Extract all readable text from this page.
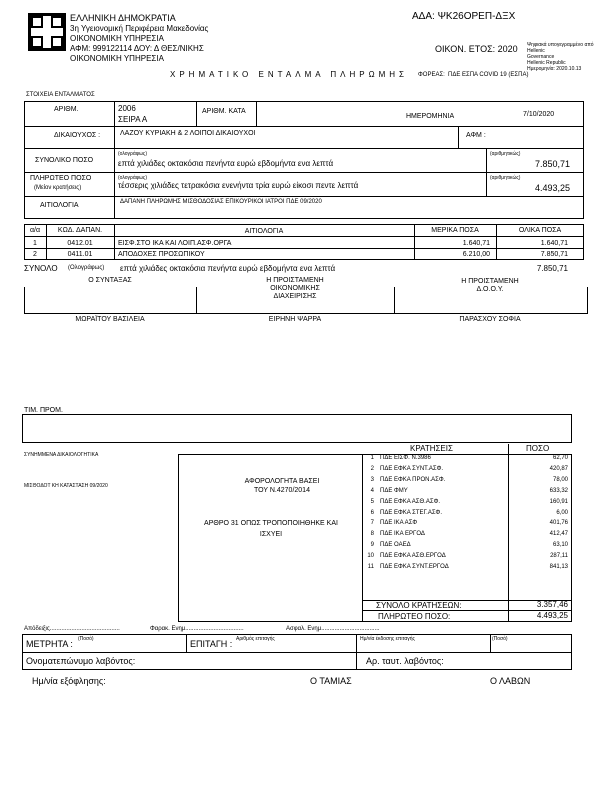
ΕΛΛΗΝΙΚΗ ΔΗΜΟΚΡΑΤΙΑ
3η Υγειονομική Περιφέρεια Μακεδονίας
ΟΙΚΟΝΟΜΙΚΗ ΥΠΗΡΕΣΙΑ
ΑΦΜ: 999122114 ΔΟΥ: Δ ΘΕΣ/ΝΙΚΗΣ
ΟΙΚΟΝΟΜΙΚΗ ΥΠΗΡΕΣΙΑ
ΑΔΑ: ΨΚ26ΟΡΕΠ-ΔΞΧ
ΟΙΚΟΝ. ΕΤΟΣ: 2020 Ψηφιακά υπογεγραμμένο από
Hellenic
Governance
Hellenic Republic
Ημερομηνία: 2020.10.13
ΧΡΗΜΑΤΙΚΟ ΕΝΤΑΛΜΑ ΠΛΗΡΩΜΗΣ ΦΟΡΕΑΣ: ΠΔΕ ΕΣΠΑ COVID 19 (ΕΣΠΑ)
ΣΤΟΙΧΕΙΑ ΕΝΤΑΛΜΑΤΟΣ
ΑΡΙΘΜ.	2006
ΣΕΙΡΑ Α
ΑΡΙΘΜ. ΚΑΤΑ
ΗΜΕΡΟΜΗΝΙΑ	7/10/2020
ΔΙΚΑΙΟΥΧΟΣ :	ΛΑΖΟΥ ΚΥΡΙΑΚΗ & 2 ΛΟΙΠΟΙ ΔΙΚΑΙΟΥΧΟΙ	ΑΦΜ :
ΣΥΝΟΛΙΚΟ ΠΟΣΟ
(ολογράφως)
επτά χιλιάδες οκτακόσια πενήντα ευρώ εβδομήντα ενα λεπτά
(αριθμητικώς)
7.850,71
ΠΛΗΡΩΤΕΟ ΠΟΣΟ
(Μείον κρατήσεις)
(ολογράφως)
τέσσερις χιλιάδες τετρακόσια ενενήντα τρία ευρώ είκοσι πεντε λεπτά
(αριθμητικώς)
4.493,25
ΑΙΤΙΟΛΟΓΙΑ	ΔΑΠΑΝΗ ΠΛΗΡΩΜΗΣ ΜΙΣΘΟΔΟΣΙΑΣ ΕΠΙΚΟΥΡΙΚΟΙ ΙΑΤΡΟΙ ΠΔΕ 09/2020
α/α	ΚΩΔ. ΔΑΠΑΝ.	ΑΙΤΙΟΛΟΓΙΑ	ΜΕΡΙΚΑ ΠΟΣΑ	ΟΛΙΚΑ ΠΟΣΑ
1	0412.01	ΕΙΣΦ.ΣΤΟ ΙΚΑ ΚΑΙ ΛΟΙΠ.ΑΣΦ.ΟΡΓΑ	1.640,71	1.640,71
2	0411.01	ΑΠΟΔΟΧΕΣ ΠΡΟΣΩΠΙΚΟΥ	6.210,00	7.850,71
ΣΥΝΟΛΟ (Ολογράφως) επτά χιλιάδες οκτακόσια πενήντα ευρώ εβδομήντα ενα λεπτά	7.850,71
Ο ΣΥΝΤΑΞΑΣ	Η ΠΡΟΙΣΤΑΜΕΝΗ
ΟΙΚΟΝΟΜΙΚΗΣ
ΔΙΑΧΕΙΡΙΣΗΣ
Η ΠΡΟΙΣΤΑΜΕΝΗ
Δ.Ο.Ο.Υ.
ΜΩΡΑΪΤΟΥ ΒΑΣΙΛΕΙΑ	ΕΙΡΗΝΗ ΨΑΡΡΑ	ΠΑΡΑΣΧΟΥ ΣΟΦΙΑ
ΤΙΜ. ΠΡΟΜ.
ΣΥΝΗΜΜΕΝΑ ΔΙΚΑΙΟΛΟΓΗΤΙΚΑ
ΜΙΣΘΟΔΟΤ ΚΗ ΚΑΤΑΣΤΑΣΗ 09/2020
ΚΡΑΤΗΣΕΙΣ	ΠΟΣΟ
ΑΦΟΡΟΛΟΓΗΤΑ ΒΑΣΕΙ
ΤΟΥ Ν.4270/2014
ΑΡΘΡΟ 31 ΟΠΩΣ ΤΡΟΠΟΠΟΙΗΘΗΚΕ ΚΑΙ
ΙΣΧΥΕΙ
1 ΠΔΕ ΕΙΣΦ. Ν.3986	62,70
2 ΠΔΕ ΕΦΚΑ ΣΥΝΤ.ΑΣΦ.	420,87
3 ΠΔΕ ΕΦΚΑ ΠΡΟΝ.ΑΣΦ.	78,00
4 ΠΔΕ ΦΜΥ	633,32
5 ΠΔΕ ΕΦΚΑ ΑΣΘ.ΑΣΦ.	160,91
6 ΠΔΕ ΕΦΚΑ ΣΤΕΓ.ΑΣΦ.	6,00
7 ΠΔΕ ΙΚΑ ΑΣΦ	401,76
8 ΠΔΕ ΙΚΑ ΕΡΓΟΔ	412,47
9 ΠΔΕ ΟΑΕΔ	63,10
10 ΠΔΕ ΕΦΚΑ ΑΣΘ.ΕΡΓΟΔ	287,11
11 ΠΔΕ ΕΦΚΑ ΣΥΝΤ.ΕΡΓΟΔ	841,13
ΣΥΝΟΛΟ ΚΡΑΤΗΣΕΩΝ:	3.357,46
ΠΛΗΡΩΤΕΟ ΠΟΣΟ:	4.493,25
Απόδειξις..........................................	Φαρακ. Ενημ...................................	Ασφαλ. Ενημ...................................
ΜΕΤΡΗΤΑ : (Ποσό)	ΕΠΙΤΑΓΗ : Αριθμός επιταγής	Ημ/νία έκδοσης επιταγής	(Ποσό)
Ονοματεπώνυμο λαβόντος:	Αρ. ταυτ. λαβόντος:
Ημ/νία εξόφλησης:	Ο ΤΑΜΙΑΣ	Ο ΛΑΒΩΝ
